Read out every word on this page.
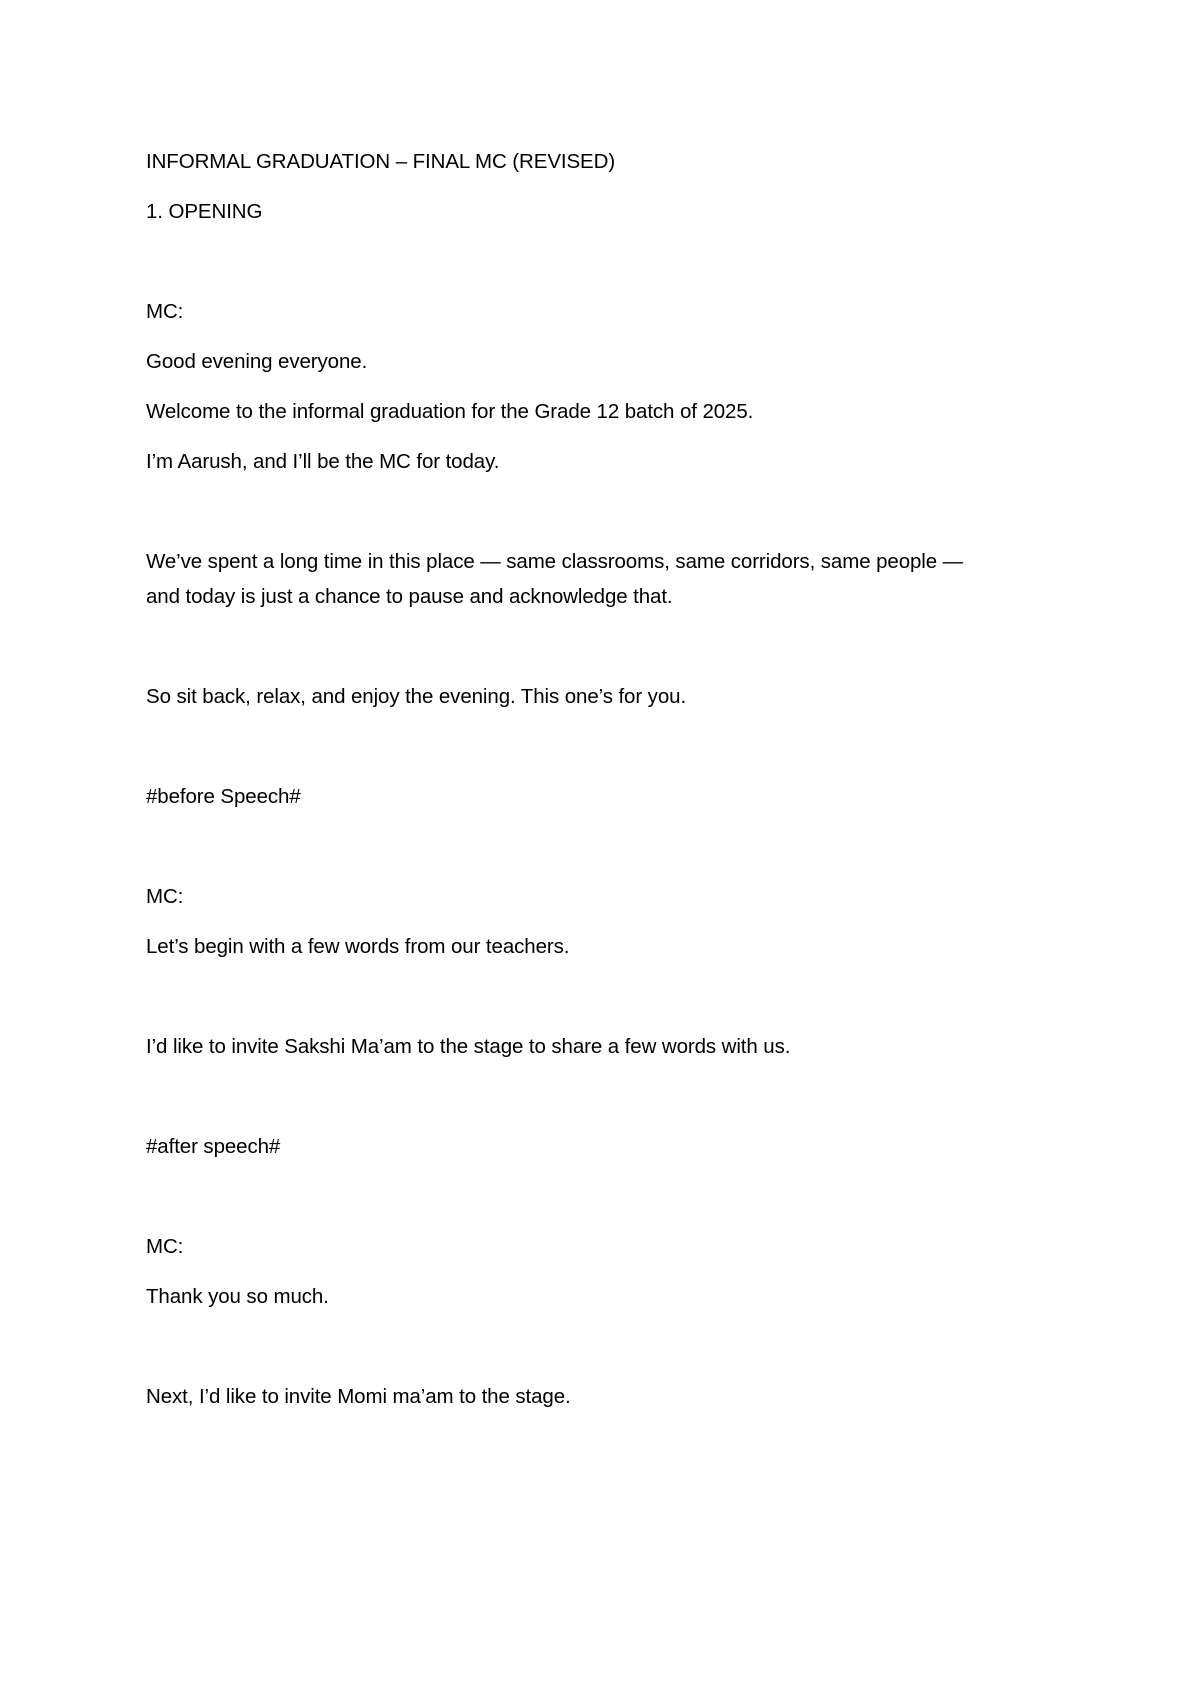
INFORMAL GRADUATION – FINAL MC (REVISED)
1. OPENING
MC:
Good evening everyone.
Welcome to the informal graduation for the Grade 12 batch of 2025.
I’m Aarush, and I’ll be the MC for today.
We’ve spent a long time in this place — same classrooms, same corridors, same people —
and today is just a chance to pause and acknowledge that.
So sit back, relax, and enjoy the evening. This one’s for you.
#before Speech#
MC:
Let’s begin with a few words from our teachers.
I’d like to invite Sakshi Ma’am to the stage to share a few words with us.
#after speech#
MC:
Thank you so much.
Next, I’d like to invite Momi ma’am to the stage.
